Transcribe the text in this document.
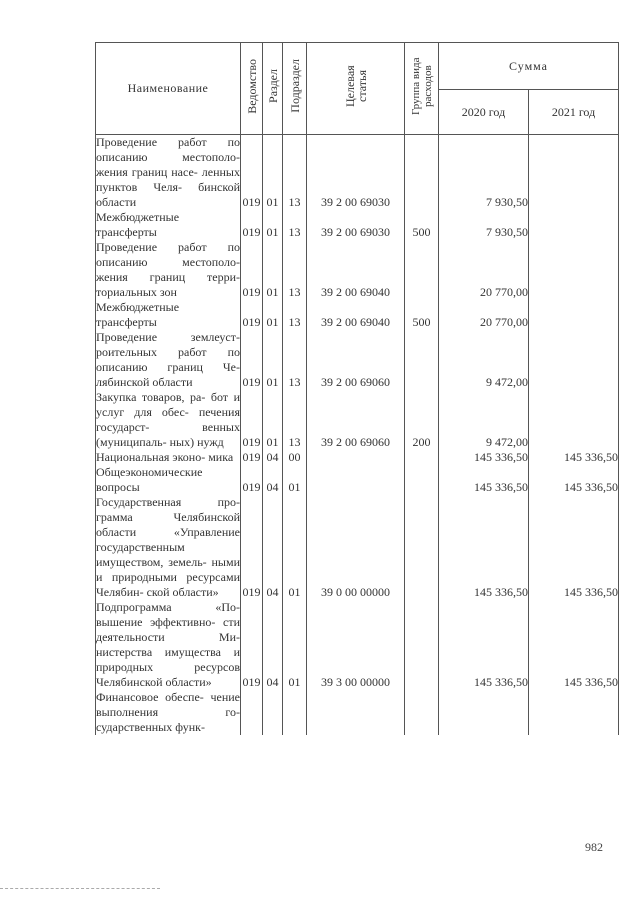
Наименование	Ведомство	Раздел	Подраздел	Целевая статья	Группа вида расходов	Сумма	
						2020 год	2021 год
Проведение работ по описанию местополо- жения границ насе- ленных пунктов Челя- бинской области	019	01	13	39 2 00 69030		7 930,50	
Межбюджетные трансферты	019	01	13	39 2 00 69030	500	7 930,50	
Проведение работ по описанию местополо- жения границ терри- ториальных зон	019	01	13	39 2 00 69040		20 770,00	
Межбюджетные трансферты	019	01	13	39 2 00 69040	500	20 770,00	
Проведение землеуст- роительных работ по описанию границ Че- лябинской области	019	01	13	39 2 00 69060		9 472,00	
Закупка товаров, ра- бот и услуг для обес- печения государст- венных (муниципаль- ных) нужд	019	01	13	39 2 00 69060	200	9 472,00	
Национальная эконо- мика	019	04	00			145 336,50	145 336,50
Общеэкономические вопросы	019	04	01			145 336,50	145 336,50
Государственная про- грамма Челябинской области «Управление государственным имуществом, земель- ными и природными ресурсами Челябин- ской области»	019	04	01	39 0 00 00000		145 336,50	145 336,50
Подпрограмма «По- вышение эффективно- сти деятельности Ми- нистерства имущества и природных ресурсов Челябинской области»	019	04	01	39 3 00 00000		145 336,50	145 336,50
Финансовое обеспе- чение выполнения го- сударственных функ-							
982
